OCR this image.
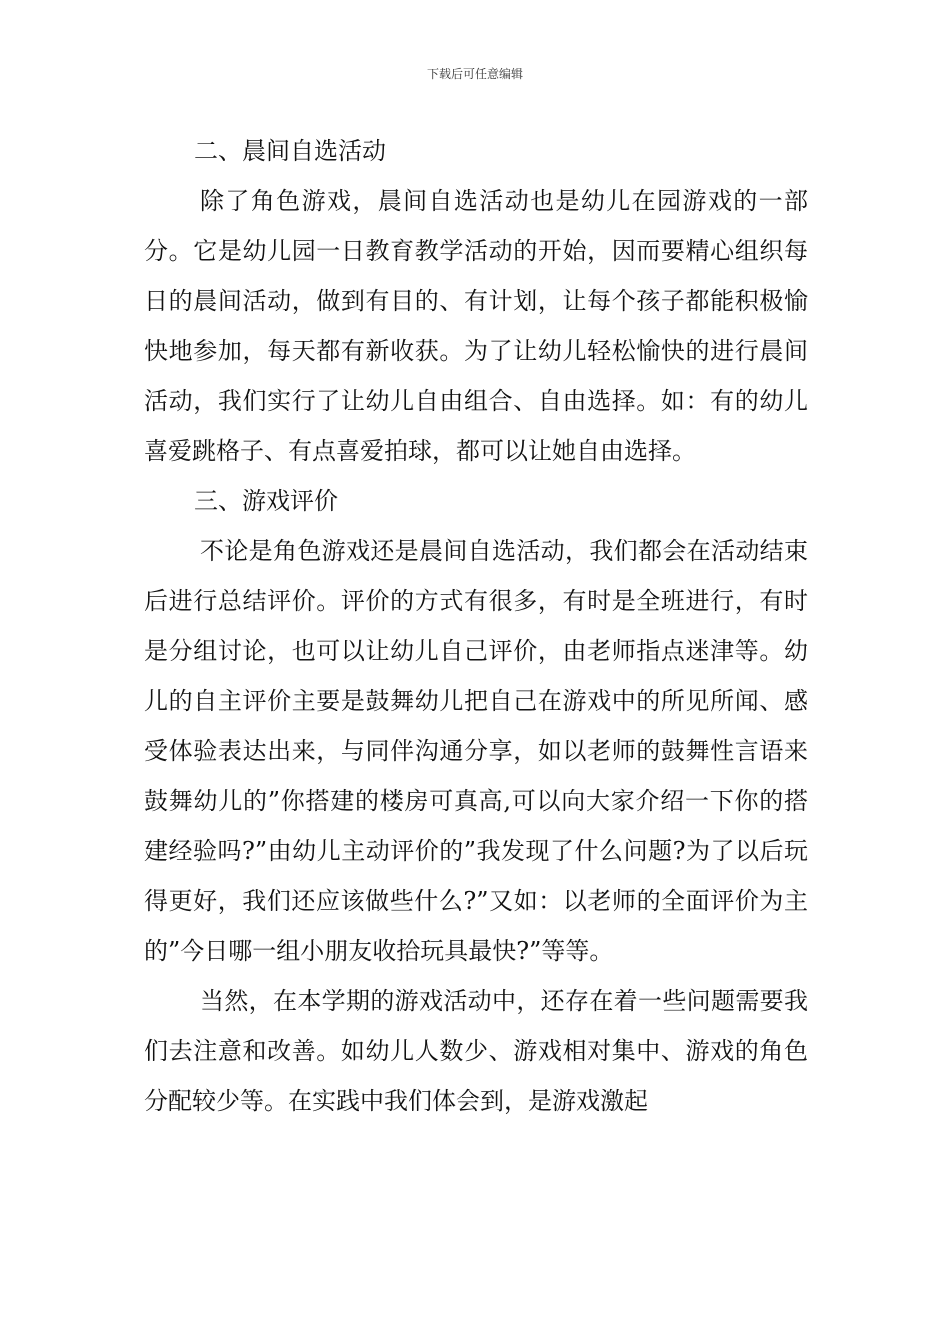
下载后可任意编辑
二、晨间自选活动

除了角色游戏，晨间自选活动也是幼儿在园游戏的一部分。它是幼儿园一日教育教学活动的开始，因而要精心组织每日的晨间活动，做到有目的、有计划，让每个孩子都能积极愉快地参加，每天都有新收获。为了让幼儿轻松愉快的进行晨间活动，我们实行了让幼儿自由组合、自由选择。如：有的幼儿喜爱跳格子、有点喜爱拍球，都可以让她自由选择。

三、游戏评价

不论是角色游戏还是晨间自选活动，我们都会在活动结束后进行总结评价。评价的方式有很多，有时是全班进行，有时是分组讨论，也可以让幼儿自己评价，由老师指点迷津等。幼儿的自主评价主要是鼓舞幼儿把自己在游戏中的所见所闻、感受体验表达出来，与同伴沟通分享，如以老师的鼓舞性言语来鼓舞幼儿的”你搭建的楼房可真高,可以向大家介绍一下你的搭建经验吗?”由幼儿主动评价的”我发现了什么问题?为了以后玩得更好，我们还应该做些什么?”又如：以老师的全面评价为主的”今日哪一组小朋友收拾玩具最快?”等等。

当然，在本学期的游戏活动中，还存在着一些问题需要我们去注意和改善。如幼儿人数少、游戏相对集中、游戏的角色分配较少等。在实践中我们体会到，是游戏激起
